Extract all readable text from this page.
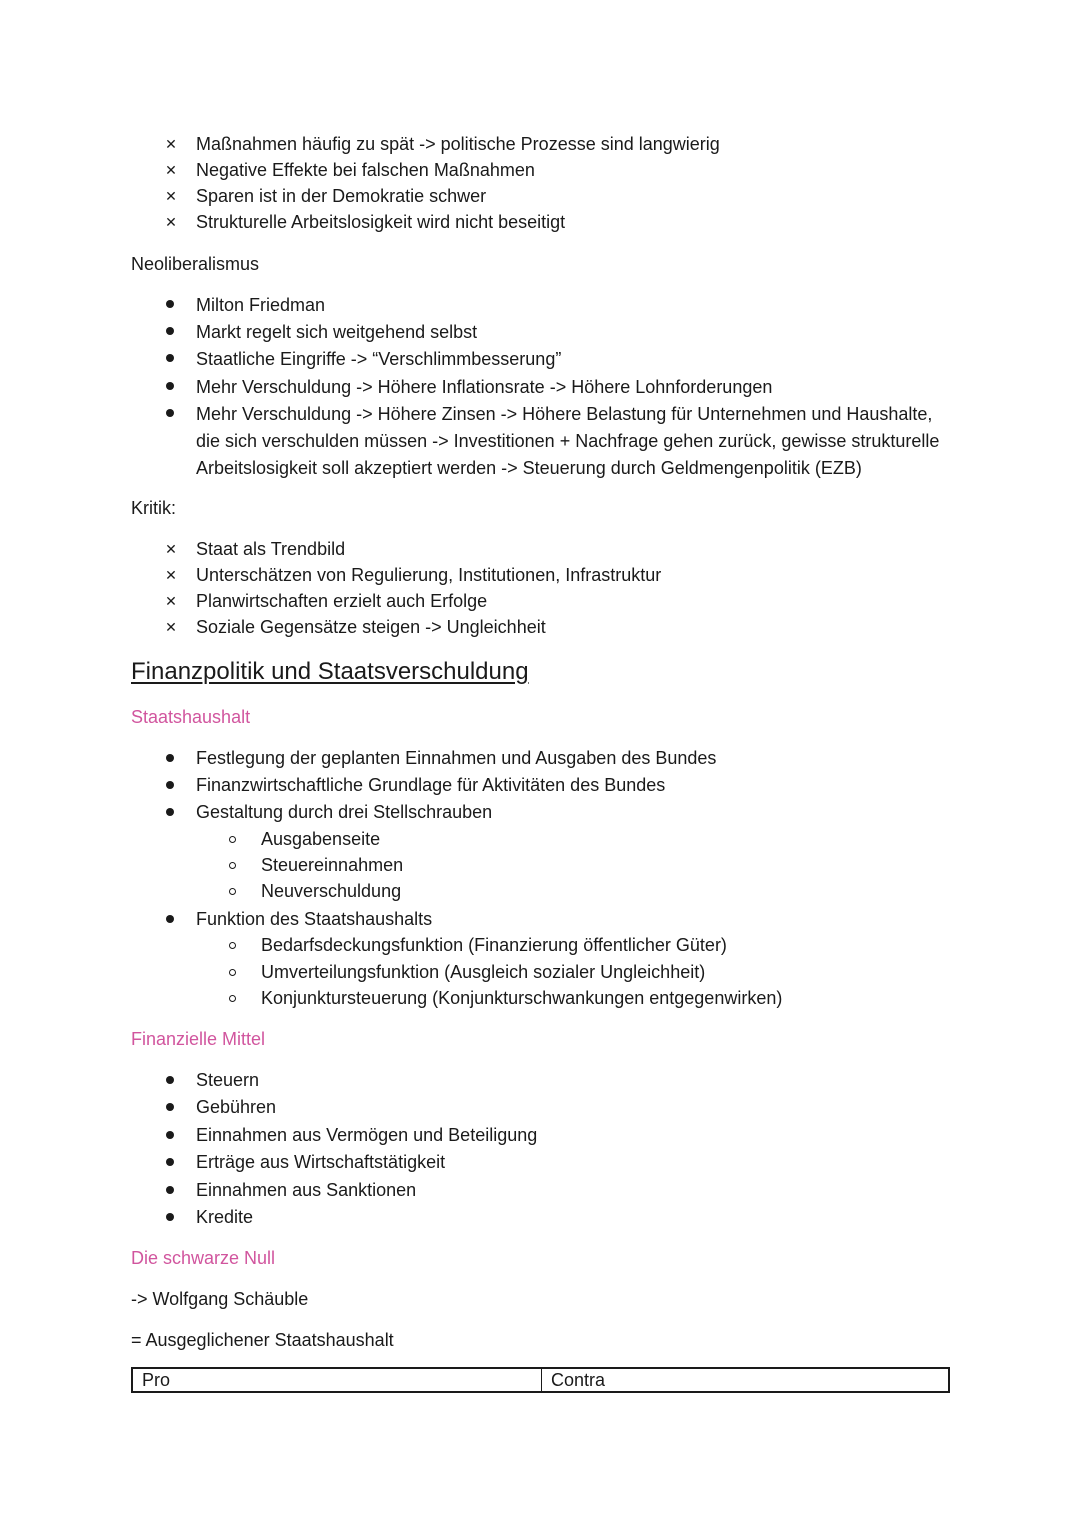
✕ Maßnahmen häufig zu spät -> politische Prozesse sind langwierig
✕ Negative Effekte bei falschen Maßnahmen
✕ Sparen ist in der Demokratie schwer
✕ Strukturelle Arbeitslosigkeit wird nicht beseitigt
Neoliberalismus
Milton Friedman
Markt regelt sich weitgehend selbst
Staatliche Eingriffe -> “Verschlimmbesserung”
Mehr Verschuldung -> Höhere Inflationsrate -> Höhere Lohnforderungen
Mehr Verschuldung -> Höhere Zinsen -> Höhere Belastung für Unternehmen und Haushalte,
die sich verschulden müssen -> Investitionen + Nachfrage gehen zurück, gewisse strukturelle
Arbeitslosigkeit soll akzeptiert werden -> Steuerung durch Geldmengenpolitik (EZB)
Kritik:
✕ Staat als Trendbild
✕ Unterschätzen von Regulierung, Institutionen, Infrastruktur
✕ Planwirtschaften erzielt auch Erfolge
✕ Soziale Gegensätze steigen -> Ungleichheit
Finanzpolitik und Staatsverschuldung
Staatshaushalt
Festlegung der geplanten Einnahmen und Ausgaben des Bundes
Finanzwirtschaftliche Grundlage für Aktivitäten des Bundes
Gestaltung durch drei Stellschrauben
Ausgabenseite
Steuereinnahmen
Neuverschuldung
Funktion des Staatshaushalts
Bedarfsdeckungsfunktion (Finanzierung öffentlicher Güter)
Umverteilungsfunktion (Ausgleich sozialer Ungleichheit)
Konjunktursteuerung (Konjunkturschwankungen entgegenwirken)
Finanzielle Mittel
Steuern
Gebühren
Einnahmen aus Vermögen und Beteiligung
Erträge aus Wirtschaftstätigkeit
Einnahmen aus Sanktionen
Kredite
Die schwarze Null
-> Wolfgang Schäuble
= Ausgeglichener Staatshaushalt
Pro	Contra
